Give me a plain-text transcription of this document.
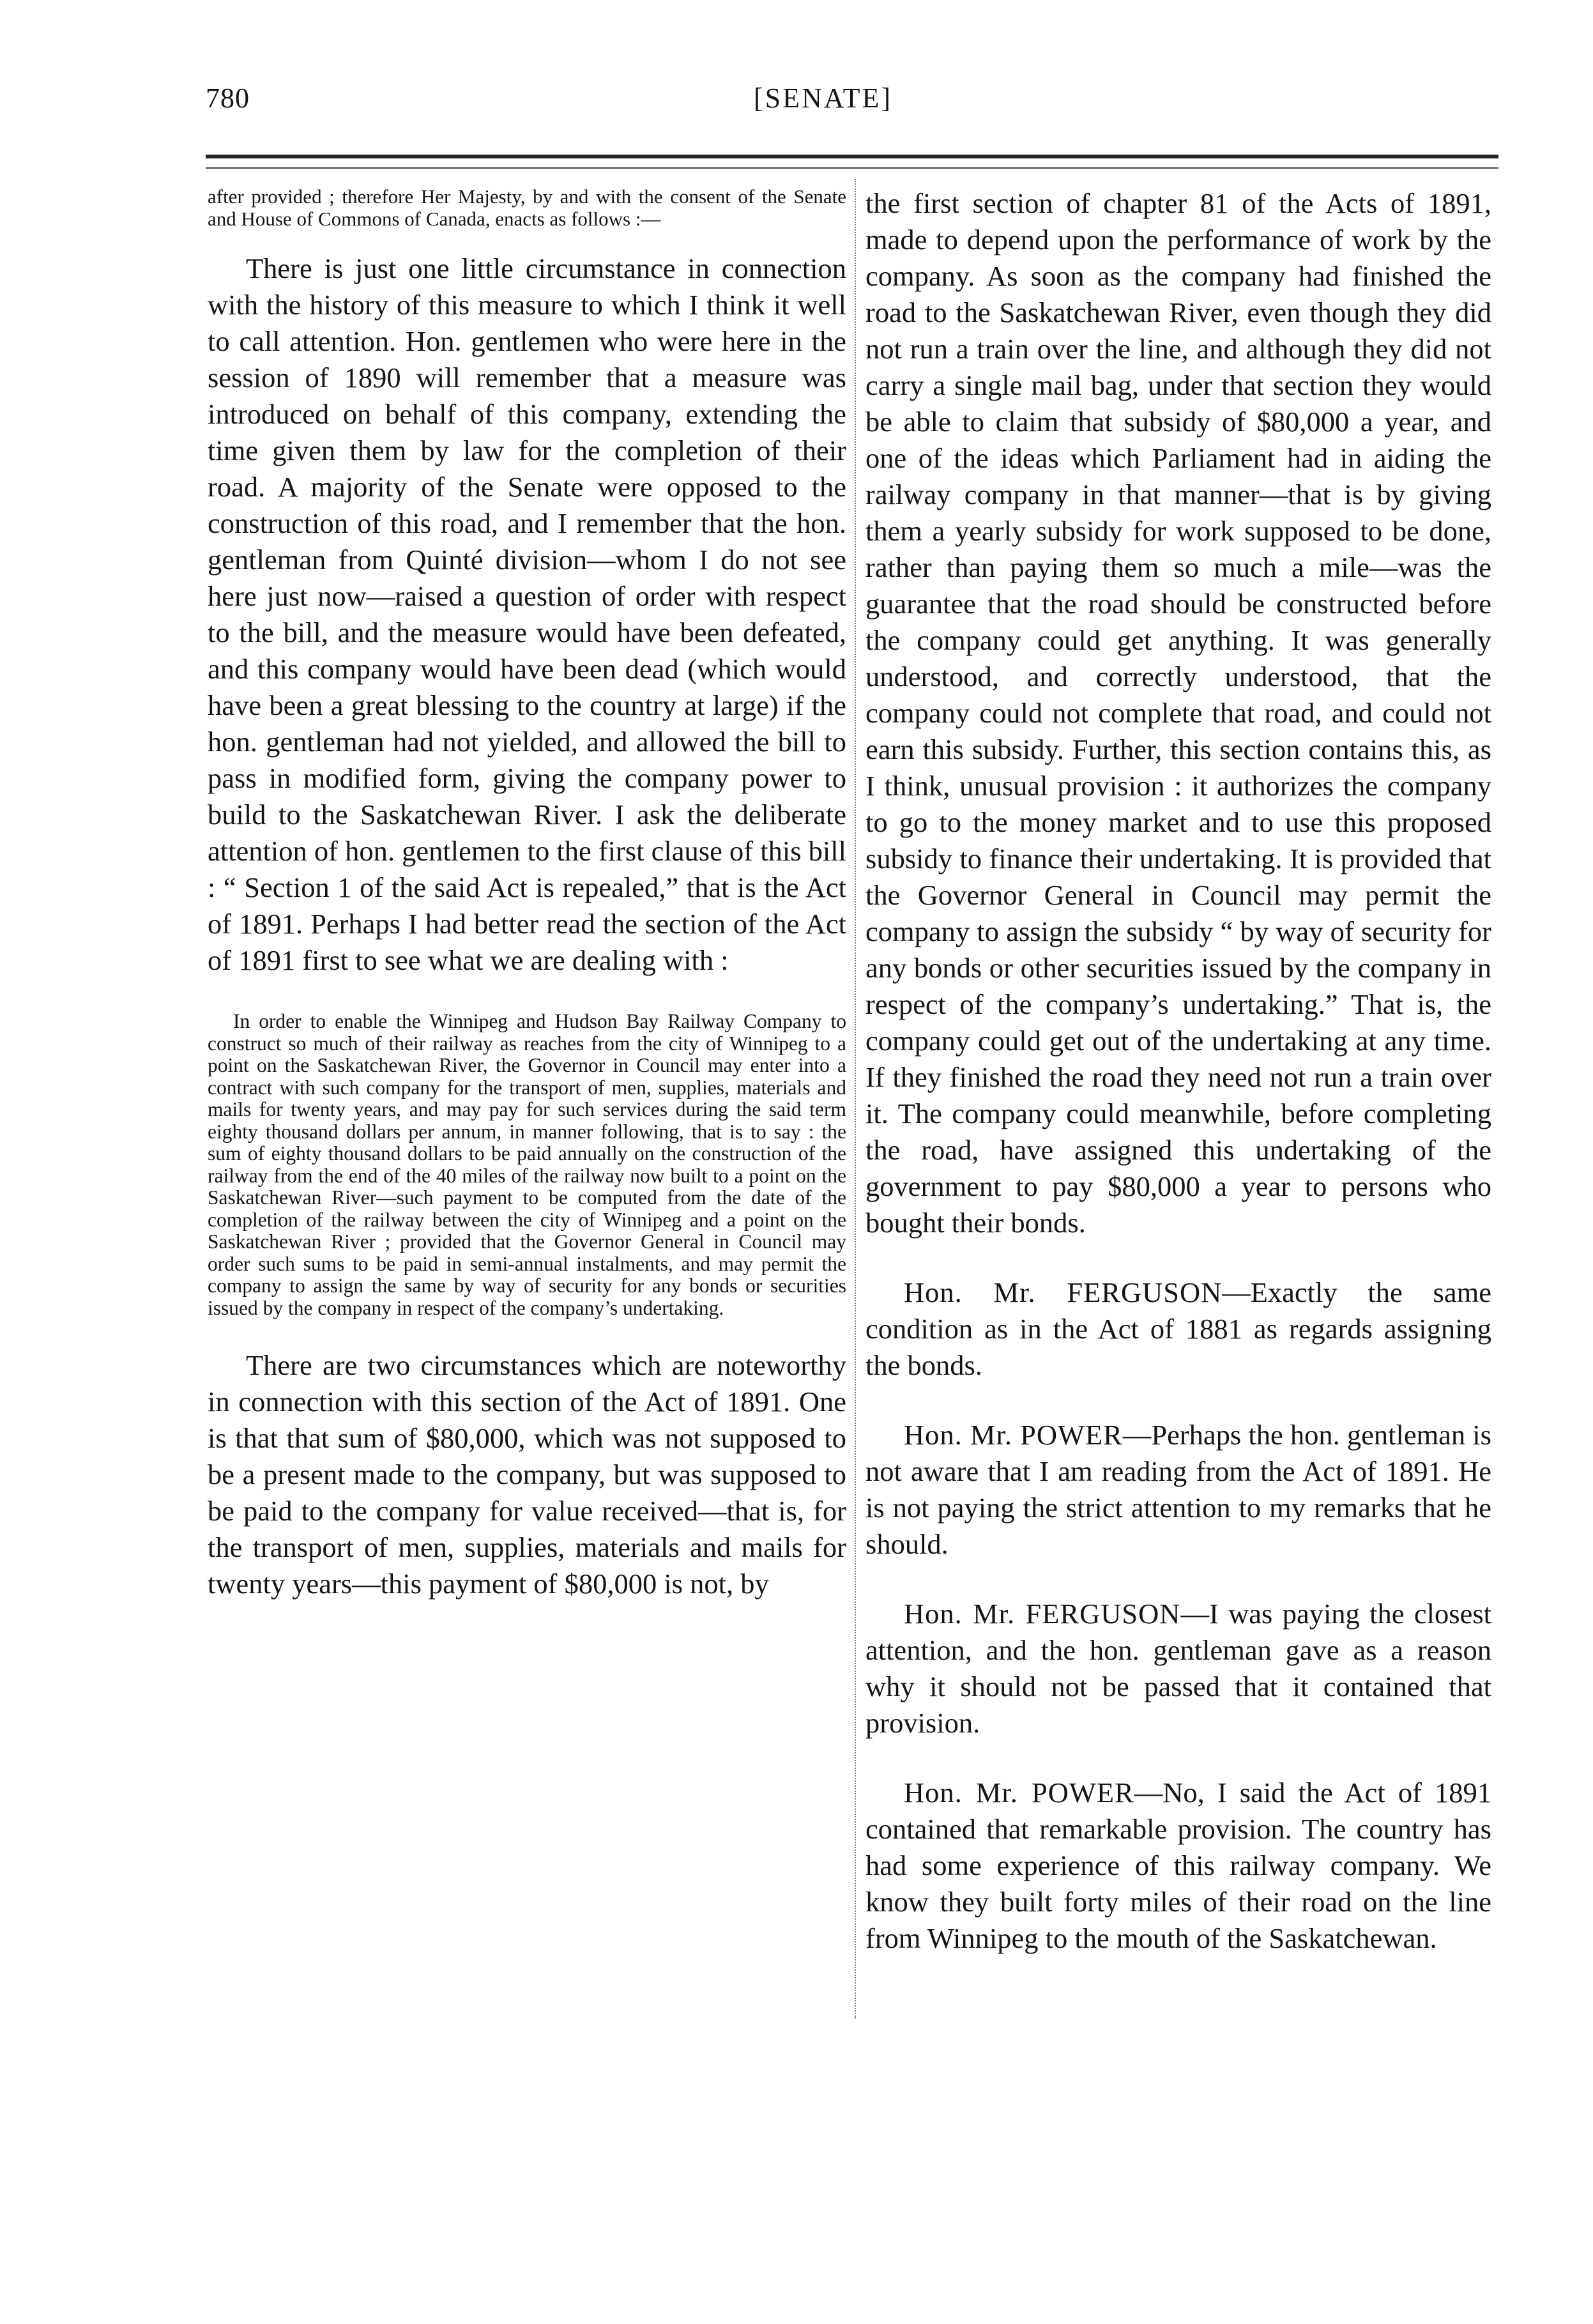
780	[SENATE]

after provided ; therefore Her Majesty, by and with the consent of the Senate and House of Commons of Canada, enacts as follows :—

There is just one little circumstance in connection with the history of this measure to which I think it well to call attention. Hon. gentlemen who were here in the session of 1890 will remember that a measure was introduced on behalf of this company, extending the time given them by law for the completion of their road. A majority of the Senate were opposed to the construction of this road, and I remember that the hon. gentleman from Quinté division—whom I do not see here just now—raised a question of order with respect to the bill, and the measure would have been defeated, and this company would have been dead (which would have been a great blessing to the country at large) if the hon. gentleman had not yielded, and allowed the bill to pass in modified form, giving the company power to build to the Saskatchewan River. I ask the deliberate attention of hon. gentlemen to the first clause of this bill : “ Section 1 of the said Act is repealed,” that is the Act of 1891. Perhaps I had better read the section of the Act of 1891 first to see what we are dealing with :

In order to enable the Winnipeg and Hudson Bay Railway Company to construct so much of their railway as reaches from the city of Winnipeg to a point on the Saskatchewan River, the Governor in Council may enter into a contract with such company for the transport of men, supplies, materials and mails for twenty years, and may pay for such services during the said term eighty thousand dollars per annum, in manner following, that is to say : the sum of eighty thousand dollars to be paid annually on the construction of the railway from the end of the 40 miles of the railway now built to a point on the Saskatchewan River—such payment to be computed from the date of the completion of the railway between the city of Winnipeg and a point on the Saskatchewan River ; provided that the Governor General in Council may order such sums to be paid in semi-annual instalments, and may permit the company to assign the same by way of security for any bonds or securities issued by the company in respect of the company’s undertaking.

There are two circumstances which are noteworthy in connection with this section of the Act of 1891. One is that that sum of $80,000, which was not supposed to be a present made to the company, but was supposed to be paid to the company for value received—that is, for the transport of men, supplies, materials and mails for twenty years—this payment of $80,000 is not, by

the first section of chapter 81 of the Acts of 1891, made to depend upon the performance of work by the company. As soon as the company had finished the road to the Saskatchewan River, even though they did not run a train over the line, and although they did not carry a single mail bag, under that section they would be able to claim that subsidy of $80,000 a year, and one of the ideas which Parliament had in aiding the railway company in that manner—that is by giving them a yearly subsidy for work supposed to be done, rather than paying them so much a mile—was the guarantee that the road should be constructed before the company could get anything. It was generally understood, and correctly understood, that the company could not complete that road, and could not earn this subsidy. Further, this section contains this, as I think, unusual provision : it authorizes the company to go to the money market and to use this proposed subsidy to finance their undertaking. It is provided that the Governor General in Council may permit the company to assign the subsidy “ by way of security for any bonds or other securities issued by the company in respect of the company’s undertaking.” That is, the company could get out of the undertaking at any time. If they finished the road they need not run a train over it. The company could meanwhile, before completing the road, have assigned this undertaking of the government to pay $80,000 a year to persons who bought their bonds.

Hon. Mr. FERGUSON—Exactly the same condition as in the Act of 1881 as regards assigning the bonds.

Hon. Mr. POWER—Perhaps the hon. gentleman is not aware that I am reading from the Act of 1891. He is not paying the strict attention to my remarks that he should.

Hon. Mr. FERGUSON—I was paying the closest attention, and the hon. gentleman gave as a reason why it should not be passed that it contained that provision.

Hon. Mr. POWER—No, I said the Act of 1891 contained that remarkable provision. The country has had some experience of this railway company. We know they built forty miles of their road on the line from Winnipeg to the mouth of the Saskatchewan.
